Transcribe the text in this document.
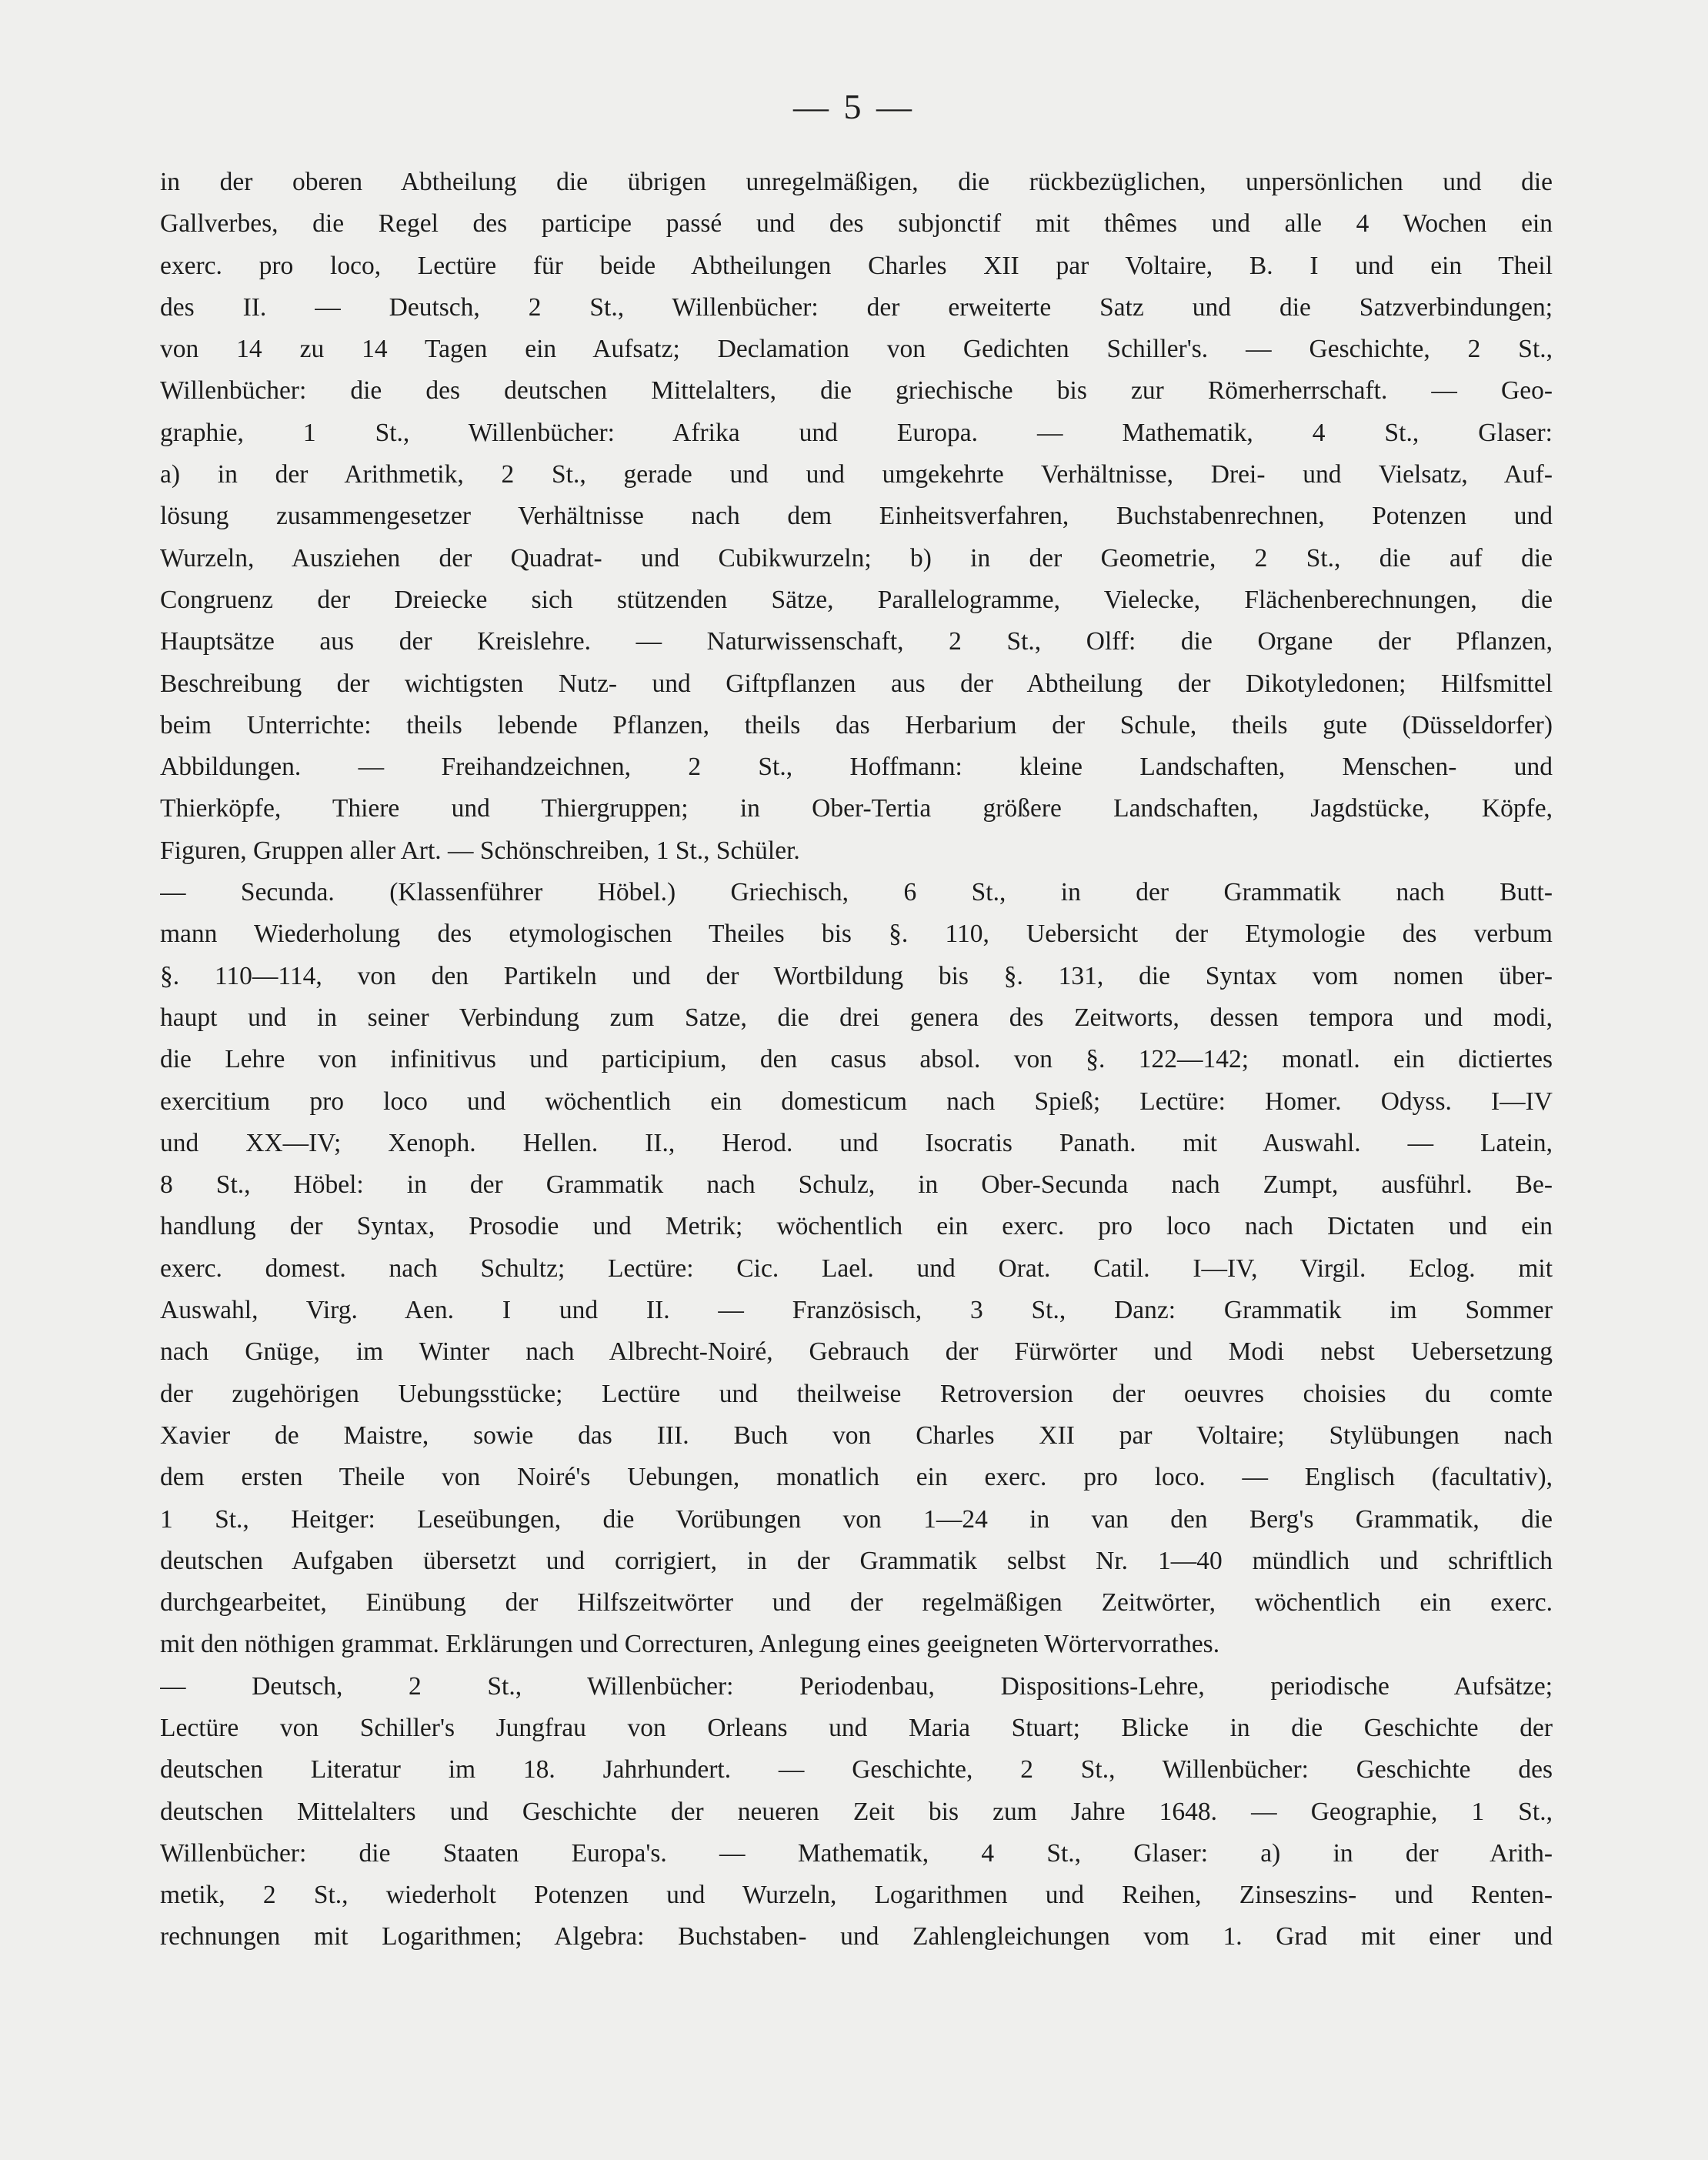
— 5 —
in der oberen Abtheilung die übrigen unregelmäßigen, die rückbezüglichen, unpersönlichen und die
Gallverbes, die Regel des participe passé und des subjonctif mit thêmes und alle 4 Wochen ein
exerc. pro loco, Lectüre für beide Abtheilungen Charles XII par Voltaire, B. I und ein Theil
des II. — Deutsch, 2 St., Willenbücher: der erweiterte Satz und die Satzverbindungen;
von 14 zu 14 Tagen ein Aufsatz; Declamation von Gedichten Schiller's. — Geschichte, 2 St.,
Willenbücher: die des deutschen Mittelalters, die griechische bis zur Römerherrschaft. — Geo-
graphie, 1 St., Willenbücher: Afrika und Europa. — Mathematik, 4 St., Glaser:
a) in der Arithmetik, 2 St., gerade und und umgekehrte Verhältnisse, Drei- und Vielsatz, Auf-
lösung zusammengesetzer Verhältnisse nach dem Einheitsverfahren, Buchstabenrechnen, Potenzen und
Wurzeln, Ausziehen der Quadrat- und Cubikwurzeln; b) in der Geometrie, 2 St., die auf die
Congruenz der Dreiecke sich stützenden Sätze, Parallelogramme, Vielecke, Flächenberechnungen, die
Hauptsätze aus der Kreislehre. — Naturwissenschaft, 2 St., Olff: die Organe der Pflanzen,
Beschreibung der wichtigsten Nutz- und Giftpflanzen aus der Abtheilung der Dikotyledonen; Hilfsmittel
beim Unterrichte: theils lebende Pflanzen, theils das Herbarium der Schule, theils gute (Düsseldorfer)
Abbildungen. — Freihandzeichnen, 2 St., Hoffmann: kleine Landschaften, Menschen- und
Thierköpfe, Thiere und Thiergruppen; in Ober-Tertia größere Landschaften, Jagdstücke, Köpfe,
Figuren, Gruppen aller Art. — Schönschreiben, 1 St., Schüler.
— Secunda. (Klassenführer Höbel.) Griechisch, 6 St., in der Grammatik nach Butt-
mann Wiederholung des etymologischen Theiles bis §. 110, Uebersicht der Etymologie des verbum
§. 110—114, von den Partikeln und der Wortbildung bis §. 131, die Syntax vom nomen über-
haupt und in seiner Verbindung zum Satze, die drei genera des Zeitworts, dessen tempora und modi,
die Lehre von infinitivus und participium, den casus absol. von §. 122—142; monatl. ein dictiertes
exercitium pro loco und wöchentlich ein domesticum nach Spieß; Lectüre: Homer. Odyss. I—IV
und XX—IV; Xenoph. Hellen. II., Herod. und Isocratis Panath. mit Auswahl. — Latein,
8 St., Höbel: in der Grammatik nach Schulz, in Ober-Secunda nach Zumpt, ausführl. Be-
handlung der Syntax, Prosodie und Metrik; wöchentlich ein exerc. pro loco nach Dictaten und ein
exerc. domest. nach Schultz; Lectüre: Cic. Lael. und Orat. Catil. I—IV, Virgil. Eclog. mit
Auswahl, Virg. Aen. I und II. — Französisch, 3 St., Danz: Grammatik im Sommer
nach Gnüge, im Winter nach Albrecht-Noiré, Gebrauch der Fürwörter und Modi nebst Uebersetzung
der zugehörigen Uebungsstücke; Lectüre und theilweise Retroversion der oeuvres choisies du comte
Xavier de Maistre, sowie das III. Buch von Charles XII par Voltaire; Stylübungen nach
dem ersten Theile von Noiré's Uebungen, monatlich ein exerc. pro loco. — Englisch (facultativ),
1 St., Heitger: Leseübungen, die Vorübungen von 1—24 in van den Berg's Grammatik, die
deutschen Aufgaben übersetzt und corrigiert, in der Grammatik selbst Nr. 1—40 mündlich und schriftlich
durchgearbeitet, Einübung der Hilfszeitwörter und der regelmäßigen Zeitwörter, wöchentlich ein exerc.
mit den nöthigen grammat. Erklärungen und Correcturen, Anlegung eines geeigneten Wörtervorrathes.
— Deutsch, 2 St., Willenbücher: Periodenbau, Dispositions-Lehre, periodische Aufsätze;
Lectüre von Schiller's Jungfrau von Orleans und Maria Stuart; Blicke in die Geschichte der
deutschen Literatur im 18. Jahrhundert. — Geschichte, 2 St., Willenbücher: Geschichte des
deutschen Mittelalters und Geschichte der neueren Zeit bis zum Jahre 1648. — Geographie, 1 St.,
Willenbücher: die Staaten Europa's. — Mathematik, 4 St., Glaser: a) in der Arith-
metik, 2 St., wiederholt Potenzen und Wurzeln, Logarithmen und Reihen, Zinseszins- und Renten-
rechnungen mit Logarithmen; Algebra: Buchstaben- und Zahlengleichungen vom 1. Grad mit einer und
